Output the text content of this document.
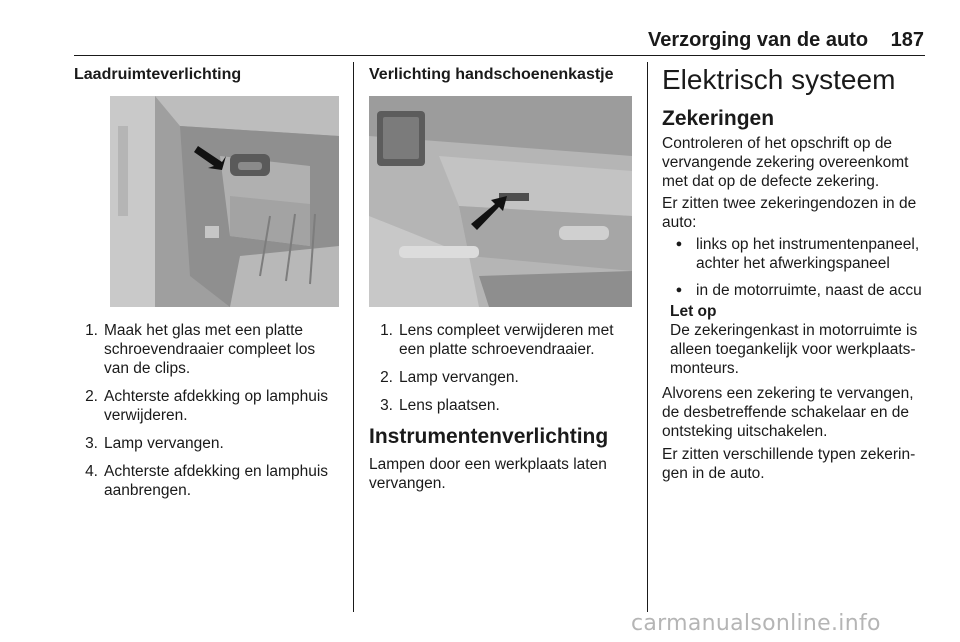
Verzorging van de auto 187
Laadruimteverlichting
1. Maak het glas met een platte schroevendraaier compleet los van de clips.
2. Achterste afdekking op lamphuis verwijderen.
3. Lamp vervangen.
4. Achterste afdekking en lamphuis aanbrengen.
Verlichting handschoenenkastje
1. Lens compleet verwijderen met een platte schroevendraaier.
2. Lamp vervangen.
3. Lens plaatsen.
Instrumentenverlichting

Lampen door een werkplaats laten vervangen.

Elektrisch systeem
Zekeringen

Controleren of het opschrift op de vervangende zekering overeenkomt met dat op de defecte zekering.

Er zitten twee zekeringendozen in de auto:

● links op het instrumentenpaneel, achter het afwerkingspaneel
● in de motorruimte, naast de accu
Let op

De zekeringenkast in motorruimte is alleen toegankelijk voor werkplaats-monteurs.

Alvorens een zekering te vervangen, de desbetreffende schakelaar en de ontsteking uitschakelen.

Er zitten verschillende typen zekerin-gen in de auto.

carmanualsonline.info
